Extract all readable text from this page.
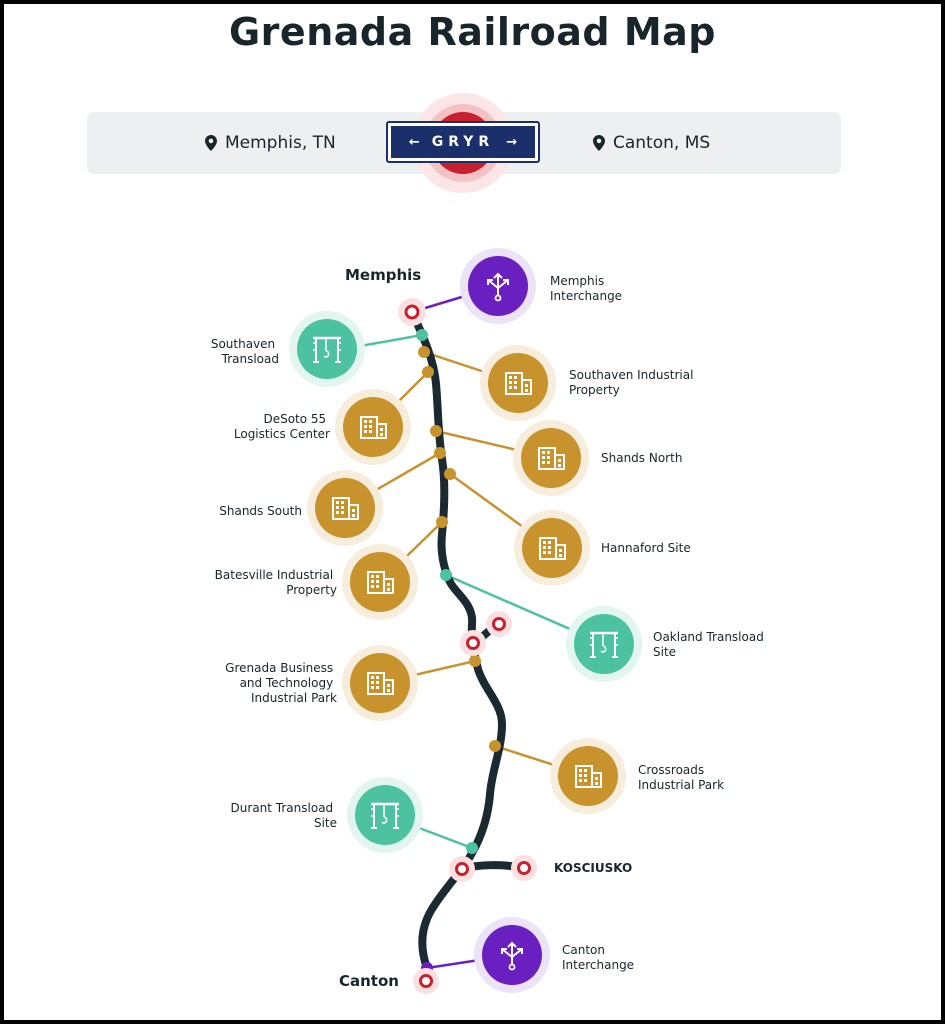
Grenada Railroad Map
Memphis, TN	Canton, MS
← GRYR →
Memphis
KOSCIUSKO
Canton
Memphis Interchange
Southaven Industrial Property
Shands North
Hannaford Site
Oakland Transload Site
Crossroads Industrial Park
Canton Interchange
Southaven Transload
DeSoto 55 Logistics Center
Shands South
Batesville Industrial Property
Grenada Business and Technology Industrial Park
Durant Transload Site
